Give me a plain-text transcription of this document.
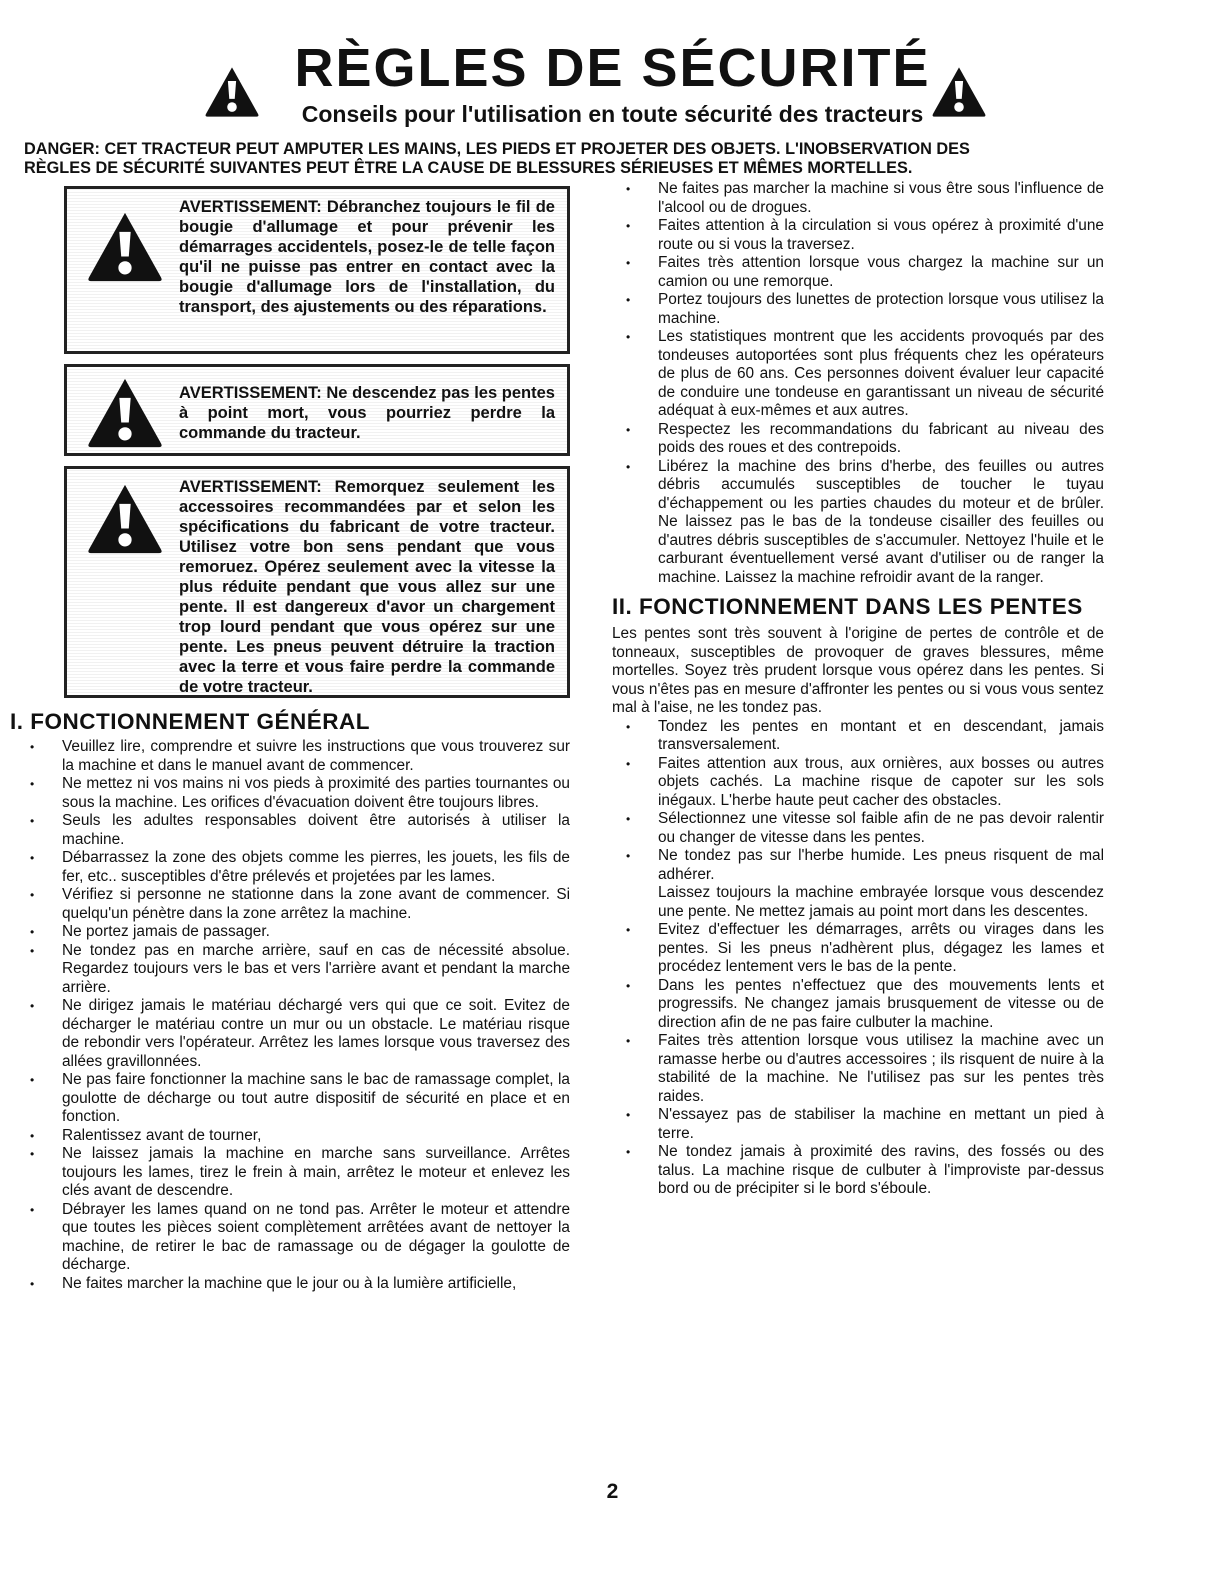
RÈGLES DE SÉCURITÉ
Conseils pour l'utilisation en toute sécurité des tracteurs
DANGER: CET TRACTEUR PEUT AMPUTER LES MAINS, LES PIEDS ET PROJETER DES OBJETS. L'INOBSERVATION DES
RÈGLES DE SÉCURITÉ SUIVANTES PEUT ÊTRE LA CAUSE DE BLESSURES SÉRIEUSES ET MÊMES MORTELLES.
AVERTISSEMENT: Débranchez toujours le fil de bougie d'allumage et pour prévenir les démarrages accidentels, posez-le de telle façon qu'il ne puisse pas entrer en contact avec la bougie d'allumage lors de l'installation, du transport, des ajustements ou des réparations.
AVERTISSEMENT: Ne descendez pas les pentes à point mort, vous pourriez perdre la commande du tracteur.
AVERTISSEMENT: Remorquez seulement les accessoires recommandées par et selon les spécifications du fabricant de votre tracteur. Utilisez votre bon sens pendant que vous remoruez. Opérez seulement avec la vitesse la plus réduite pendant que vous allez sur une pente. Il est dangereux d'avor un chargement trop lourd pendant que vous opérez sur une pente. Les pneus peuvent détruire la traction avec la terre et vous faire perdre la commande de votre tracteur.
I. FONCTIONNEMENT GÉNÉRAL
• Veuillez lire, comprendre et suivre les instructions que vous trouverez sur la machine et dans le manuel avant de commencer.
• Ne mettez ni vos mains ni vos pieds à proximité des parties tournantes ou sous la machine. Les orifices d'évacuation doivent être toujours libres.
• Seuls les adultes responsables doivent être autorisés à utiliser la machine.
• Débarrassez la zone des objets comme les pierres, les jouets, les fils de fer, etc.. susceptibles d'être prélevés et projetées par les lames.
• Vérifiez si personne ne stationne dans la zone avant de commencer. Si quelqu'un pénètre dans la zone arrêtez la machine.
• Ne portez jamais de passager.
• Ne tondez pas en marche arrière, sauf en cas de nécessité absolue. Regardez toujours vers le bas et vers l'arrière avant et pendant la marche arrière.
• Ne dirigez jamais le matériau déchargé vers qui que ce soit. Evitez de décharger le matériau contre un mur ou un obstacle. Le matériau risque de rebondir vers l'opérateur. Arrêtez les lames lorsque vous traversez des allées gravillonnées.
• Ne pas faire fonctionner la machine sans le bac de ramassage complet, la goulotte de décharge ou tout autre dispositif de sécurité en place et en fonction.
• Ralentissez avant de tourner,
• Ne laissez jamais la machine en marche sans surveillance. Arrêtes toujours les lames, tirez le frein à main, arrêtez le moteur et enlevez les clés avant de descendre.
• Débrayer les lames quand on ne tond pas. Arrêter le moteur et attendre que toutes les pièces soient complètement arrêtées avant de nettoyer la machine, de retirer le bac de ramassage ou de dégager la goulotte de décharge.
• Ne faites marcher la machine que le jour ou à la lumière artificielle,
• Ne faites pas marcher la machine si vous être sous l'influence de l'alcool ou de drogues.
• Faites attention à la circulation si vous opérez à proximité d'une route ou si vous la traversez.
• Faites très attention lorsque vous chargez la machine sur un camion ou une remorque.
• Portez toujours des lunettes de protection lorsque vous utilisez la machine.
• Les statistiques montrent que les accidents provoqués par des tondeuses autoportées sont plus fréquents chez les opérateurs de plus de 60 ans. Ces personnes doivent évaluer leur capacité de conduire une tondeuse en garantissant un niveau de sécurité adéquat à eux-mêmes et aux autres.
• Respectez les recommandations du fabricant au niveau des poids des roues et des contrepoids.
• Libérez la machine des brins d'herbe, des feuilles ou autres débris accumulés susceptibles de toucher le tuyau d'échappement ou les parties chaudes du moteur et de brûler. Ne laissez pas le bas de la tondeuse cisailler des feuilles ou d'autres débris susceptibles de s'accumuler. Nettoyez l'huile et le carburant éventuellement versé avant d'utiliser ou de ranger la machine. Laissez la machine refroidir avant de la ranger.
II. FONCTIONNEMENT DANS LES PENTES
Les pentes sont très souvent à l'origine de pertes de contrôle et de tonneaux, susceptibles de provoquer de graves blessures, même mortelles. Soyez très prudent lorsque vous opérez dans les pentes. Si vous n'êtes pas en mesure d'affronter les pentes ou si vous vous sentez mal à l'aise, ne les tondez pas.
• Tondez les pentes en montant et en descendant, jamais transversalement.
• Faites attention aux trous, aux ornières, aux bosses ou autres objets cachés. La machine risque de capoter sur les sols inégaux. L'herbe haute peut cacher des obstacles.
• Sélectionnez une vitesse sol faible afin de ne pas devoir ralentir ou changer de vitesse dans les pentes.
• Ne tondez pas sur l'herbe humide. Les pneus risquent de mal adhérer.
Laissez toujours la machine embrayée lorsque vous descendez une pente. Ne mettez jamais au point mort dans les descentes.
• Evitez d'effectuer les démarrages, arrêts ou virages dans les pentes. Si les pneus n'adhèrent plus, dégagez les lames et procédez lentement vers le bas de la pente.
• Dans les pentes n'effectuez que des mouvements lents et progressifs. Ne changez jamais brusquement de vitesse ou de direction afin de ne pas faire culbuter la machine.
• Faites très attention lorsque vous utilisez la machine avec un ramasse herbe ou d'autres accessoires ; ils risquent de nuire à la stabilité de la machine. Ne l'utilisez pas sur les pentes très raides.
• N'essayez pas de stabiliser la machine en mettant un pied à terre.
• Ne tondez jamais à proximité des ravins, des fossés ou des talus. La machine risque de culbuter à l'improviste par-dessus bord ou de précipiter si le bord s'éboule.
2
